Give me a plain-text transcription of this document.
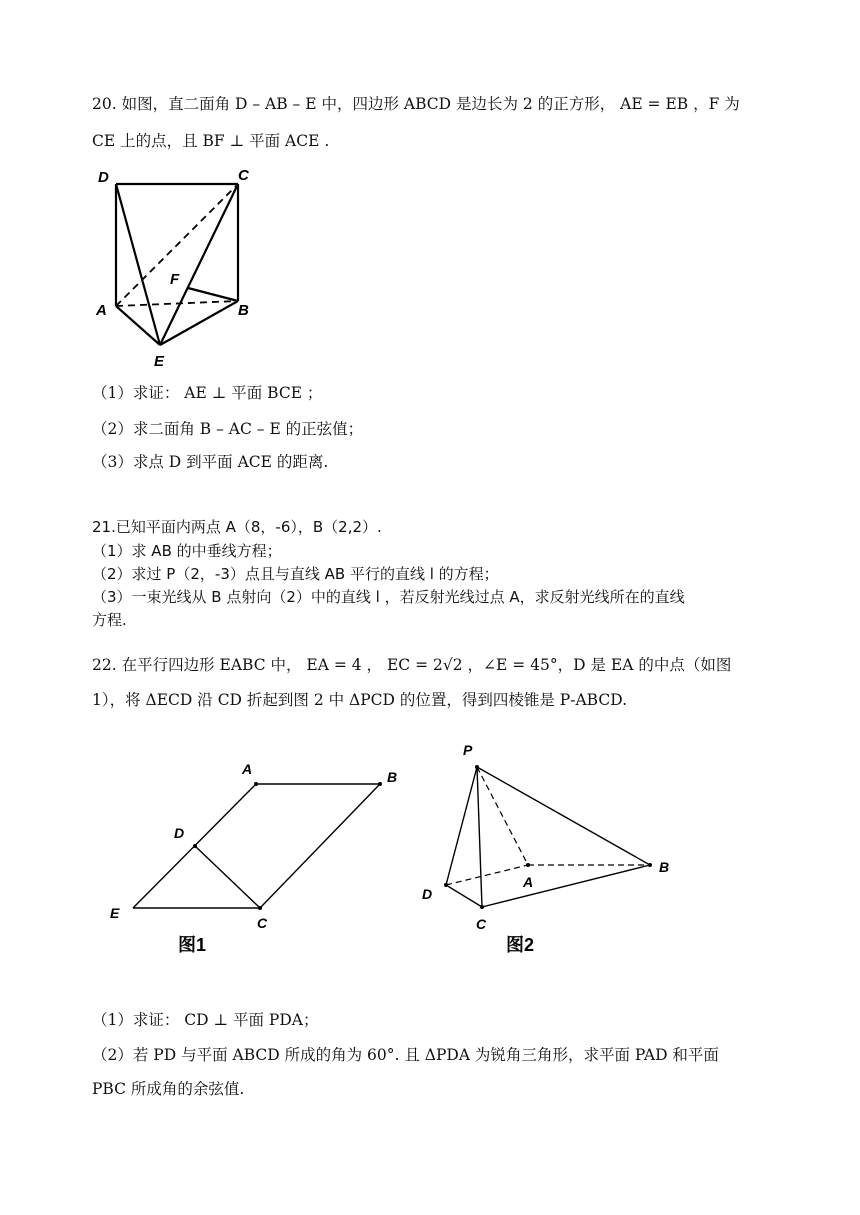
20. 如图，直二面角 D – AB – E 中，四边形 ABCD 是边长为 2 的正方形， AE = EB ，F 为
CE 上的点，且 BF ⊥ 平面 ACE .
D	C
F
A	B
E
（1）求证： AE ⊥ 平面 BCE ；
（2）求二面角 B – AC – E 的正弦值；
（3）求点 D 到平面 ACE 的距离.
21.已知平面内两点 A（8，-6），B（2,2）.
（1）求 AB 的中垂线方程；
（2）求过 P（2，-3）点且与直线 AB 平行的直线 l 的方程；
（3）一束光线从 B 点射向（2）中的直线 l ，若反射光线过点 A，求反射光线所在的直线
方程.
22. 在平行四边形 EABC 中， EA = 4 ， EC = 2√2 ，∠E = 45°，D 是 EA 的中点（如图
1），将 ΔECD 沿 CD 折起到图 2 中 ΔPCD 的位置，得到四棱锥是 P‐ABCD.
A	B
D
E
C
图1
P
A
B
D
C
图2
（1）求证： CD ⊥ 平面 PDA；
（2）若 PD 与平面 ABCD 所成的角为 60°. 且 ΔPDA 为锐角三角形，求平面 PAD 和平面
PBC 所成角的余弦值.
